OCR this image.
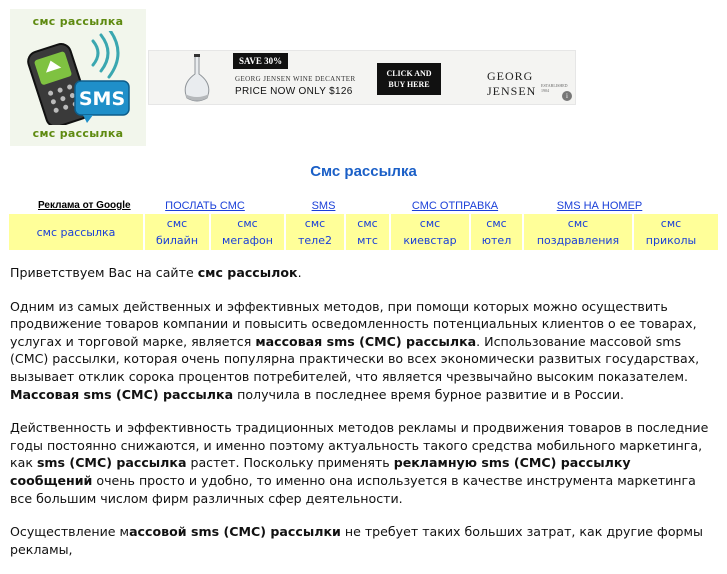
смс рассылка
SMS
смс рассылка
SAVE 30%
GEORG JENSEN WINE DECANTER
PRICE NOW ONLY $126
CLICK AND BUY HERE
GEORG JENSEN	ESTABLISHED 1904
i
Смс рассылка
Реклама от Google	ПОСЛАТЬ СМС	SMS	СМС ОТПРАВКА	SMS НА НОМЕР
смс рассылка
смс билайн
смс мегафон
смс теле2
смс мтс
смс киевстар
смс ютел
смс поздравления
смс приколы

Приветствуем Вас на сайте смс рассылок.

Одним из самых действенных и эффективных методов, при помощи которых можно осуществить продвижение товаров компании и повысить осведомленность потенциальных клиентов о ее товарах, услугах и торговой марке, является массовая sms (СМС) рассылка. Использование массовой sms (СМС) рассылки, которая очень популярна практически во всех экономически развитых государствах, вызывает отклик сорока процентов потребителей, что является чрезвычайно высоким показателем. Массовая sms (СМС) рассылка получила в последнее время бурное развитие и в России.

Действенность и эффективность традиционных методов рекламы и продвижения товаров в последние годы постоянно снижаются, и именно поэтому актуальность такого средства мобильного маркетинга, как sms (СМС) рассылка растет. Поскольку применять рекламную sms (СМС) рассылку сообщений очень просто и удобно, то именно она используется в качестве инструмента маркетинга все большим числом фирм различных сфер деятельности.

Осуществление массовой sms (СМС) рассылки не требует таких больших затрат, как другие формы рекламы,
